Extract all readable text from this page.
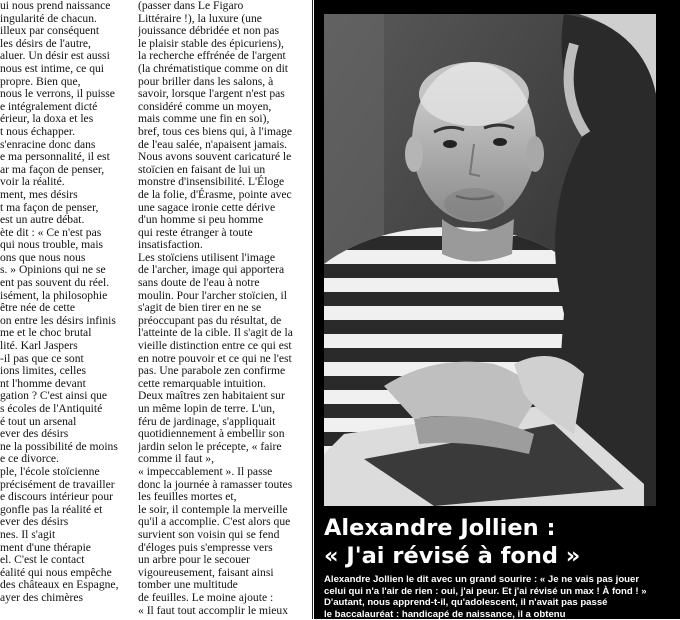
ui nous prend naissance
ingularité de chacun.
illeux par conséquent
les désirs de l'autre,
aluer. Un désir est aussi
nous est intime, ce qui
propre. Bien que,
nous le verrons, il puisse
e intégralement dicté
érieur, la doxa et les
t nous échapper.
s'enracine donc dans
e ma personnalité, il est
ar ma façon de penser,
voir la réalité.
ment, mes désirs
t ma façon de penser,
est un autre débat.
ète dit : « Ce n'est pas
qui nous trouble, mais
ons que nous nous
s. » Opinions qui ne se
ent pas souvent du réel.
isément, la philosophie
être née de cette
on entre les désirs infinis
me et le choc brutal
lité. Karl Jaspers
-il pas que ce sont
ions limites, celles
nt l'homme devant
gation ? C'est ainsi que
s écoles de l'Antiquité
é tout un arsenal
ever des désirs
ne la possibilité de moins
e ce divorce.
ple, l'école stoïcienne
précisément de travailler
e discours intérieur pour
gonfle pas la réalité et
ever des désirs
nes. Il s'agit
ment d'une thérapie
el. C'est le contact
éalité qui nous empêche
des châteaux en Espagne,
ayer des chimères
(passer dans Le Figaro
Littéraire !), la luxure (une
jouissance débridée et non pas
le plaisir stable des épicuriens),
la recherche effrénée de l'argent
(la chrématistique comme on dit
pour briller dans les salons, à
savoir, lorsque l'argent n'est pas
considéré comme un moyen,
mais comme une fin en soi),
bref, tous ces biens qui, à l'image
de l'eau salée, n'apaisent jamais.
Nous avons souvent caricaturé le
stoïcien en faisant de lui un
monstre d'insensibilité. L'Éloge
de la folie, d'Érasme, pointe avec
une sagace ironie cette dérive
d'un homme si peu homme
qui reste étranger à toute
insatisfaction.
Les stoïciens utilisent l'image
de l'archer, image qui apportera
sans doute de l'eau à notre
moulin. Pour l'archer stoïcien, il
s'agit de bien tirer en ne se
préoccupant pas du résultat, de
l'atteinte de la cible. Il s'agit de la
vieille distinction entre ce qui est
en notre pouvoir et ce qui ne l'est
pas. Une parabole zen confirme
cette remarquable intuition.
Deux maîtres zen habitaient sur
un même lopin de terre. L'un,
féru de jardinage, s'appliquait
quotidiennement à embellir son
jardin selon le précepte, « faire
comme il faut »,
« impeccablement ». Il passe
donc la journée à ramasser toutes
les feuilles mortes et,
le soir, il contemple la merveille
qu'il a accomplie. C'est alors que
survient son voisin qui se fend
d'éloges puis s'empresse vers
un arbre pour le secouer
vigoureusement, faisant ainsi
tomber une multitude
de feuilles. Le moine ajoute :
« Il faut tout accomplir le mieux
Alexandre Jollien :
« J'ai révisé à fond »
Alexandre Jollien le dit avec un grand sourire : « Je ne vais pas jouer
celui qui n'a l'air de rien : oui, j'ai peur. Et j'ai révisé un max ! À fond ! »
D'autant, nous apprend-t-il, qu'adolescent, il n'avait pas passé
le baccalauréat : handicapé de naissance, il a obtenu
